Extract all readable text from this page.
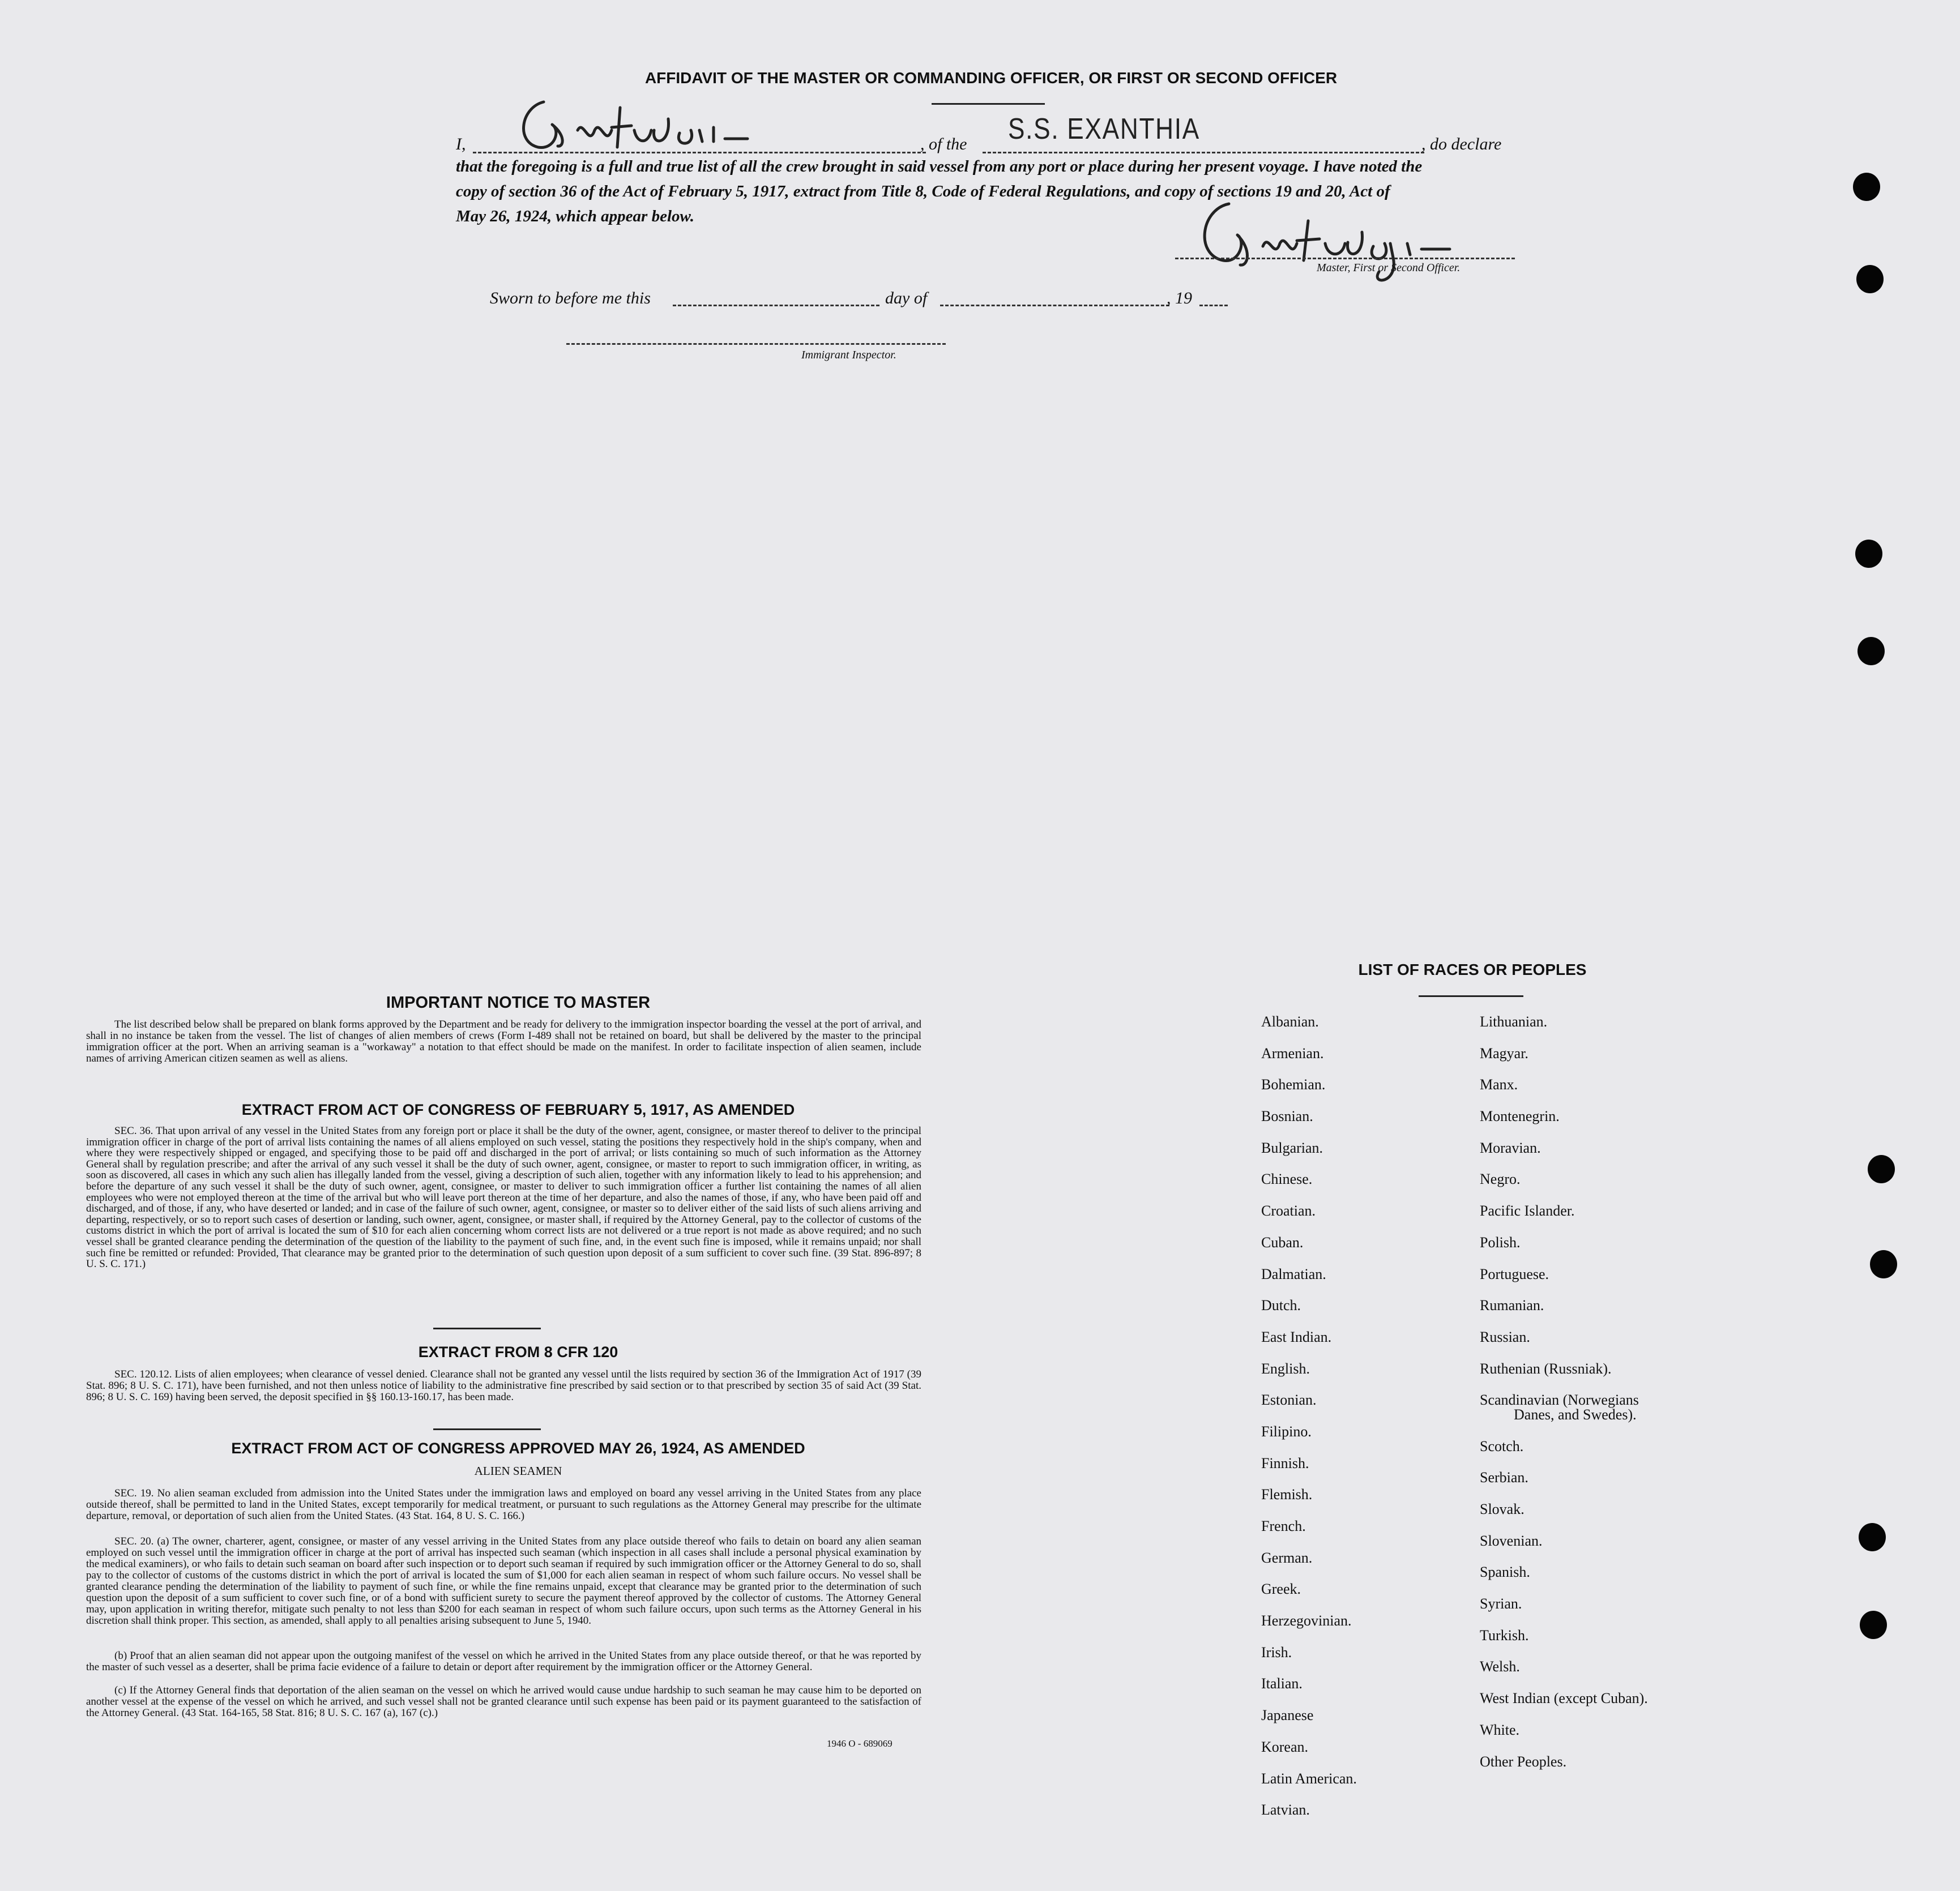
AFFIDAVIT OF THE MASTER OR COMMANDING OFFICER, OR FIRST OR SECOND OFFICER
I,	, of the S.S. EXANTHIA	, do declare
that the foregoing is a full and true list of all the crew brought in said vessel from any port or place during her present voyage. I have noted the
copy of section 36 of the Act of February 5, 1917, extract from Title 8, Code of Federal Regulations, and copy of sections 19 and 20, Act of
May 26, 1924, which appear below.
Master, First or Second Officer.
Sworn to before me this	day of	, 19
Immigrant Inspector.
IMPORTANT NOTICE TO MASTER
The list described below shall be prepared on blank forms approved by the Department and be ready for delivery to the immigration inspector boarding the vessel at the port of arrival, and shall in no instance be taken from the vessel. The list of changes of alien members of crews (Form I-489 shall not be retained on board, but shall be delivered by the master to the principal immigration officer at the port. When an arriving seaman is a "workaway" a notation to that effect should be made on the manifest. In order to facilitate inspection of alien seamen, include names of arriving American citizen seamen as well as aliens.
EXTRACT FROM ACT OF CONGRESS OF FEBRUARY 5, 1917, AS AMENDED
SEC. 36. That upon arrival of any vessel in the United States from any foreign port or place it shall be the duty of the owner, agent, consignee, or master thereof to deliver to the principal immigration officer in charge of the port of arrival lists containing the names of all aliens employed on such vessel, stating the positions they respectively hold in the ship's company, when and where they were respectively shipped or engaged, and specifying those to be paid off and discharged in the port of arrival; or lists containing so much of such information as the Attorney General shall by regulation prescribe; and after the arrival of any such vessel it shall be the duty of such owner, agent, consignee, or master to report to such immigration officer, in writing, as soon as discovered, all cases in which any such alien has illegally landed from the vessel, giving a description of such alien, together with any information likely to lead to his apprehension; and before the departure of any such vessel it shall be the duty of such owner, agent, consignee, or master to deliver to such immigration officer a further list containing the names of all alien employees who were not employed thereon at the time of the arrival but who will leave port thereon at the time of her departure, and also the names of those, if any, who have been paid off and discharged, and of those, if any, who have deserted or landed; and in case of the failure of such owner, agent, consignee, or master so to deliver either of the said lists of such aliens arriving and departing, respectively, or so to report such cases of desertion or landing, such owner, agent, consignee, or master shall, if required by the Attorney General, pay to the collector of customs of the customs district in which the port of arrival is located the sum of $10 for each alien concerning whom correct lists are not delivered or a true report is not made as above required; and no such vessel shall be granted clearance pending the determination of the question of the liability to the payment of such fine, and, in the event such fine is imposed, while it remains unpaid; nor shall such fine be remitted or refunded: Provided, That clearance may be granted prior to the determination of such question upon deposit of a sum sufficient to cover such fine. (39 Stat. 896-897; 8 U. S. C. 171.)
EXTRACT FROM 8 CFR 120
SEC. 120.12. Lists of alien employees; when clearance of vessel denied. Clearance shall not be granted any vessel until the lists required by section 36 of the Immigration Act of 1917 (39 Stat. 896; 8 U. S. C. 171), have been furnished, and not then unless notice of liability to the administrative fine prescribed by said section or to that prescribed by section 35 of said Act (39 Stat. 896; 8 U. S. C. 169) having been served, the deposit specified in §§ 160.13-160.17, has been made.
EXTRACT FROM ACT OF CONGRESS APPROVED MAY 26, 1924, AS AMENDED
ALIEN SEAMEN
SEC. 19. No alien seaman excluded from admission into the United States under the immigration laws and employed on board any vessel arriving in the United States from any place outside thereof, shall be permitted to land in the United States, except temporarily for medical treatment, or pursuant to such regulations as the Attorney General may prescribe for the ultimate departure, removal, or deportation of such alien from the United States. (43 Stat. 164, 8 U. S. C. 166.)
SEC. 20. (a) The owner, charterer, agent, consignee, or master of any vessel arriving in the United States from any place outside thereof who fails to detain on board any alien seaman employed on such vessel until the immigration officer in charge at the port of arrival has inspected such seaman (which inspection in all cases shall include a personal physical examination by the medical examiners), or who fails to detain such seaman on board after such inspection or to deport such seaman if required by such immigration officer or the Attorney General to do so, shall pay to the collector of customs of the customs district in which the port of arrival is located the sum of $1,000 for each alien seaman in respect of whom such failure occurs. No vessel shall be granted clearance pending the determination of the liability to payment of such fine, or while the fine remains unpaid, except that clearance may be granted prior to the determination of such question upon the deposit of a sum sufficient to cover such fine, or of a bond with sufficient surety to secure the payment thereof approved by the collector of customs. The Attorney General may, upon application in writing therefor, mitigate such penalty to not less than $200 for each seaman in respect of whom such failure occurs, upon such terms as the Attorney General in his discretion shall think proper. This section, as amended, shall apply to all penalties arising subsequent to June 5, 1940.
(b) Proof that an alien seaman did not appear upon the outgoing manifest of the vessel on which he arrived in the United States from any place outside thereof, or that he was reported by the master of such vessel as a deserter, shall be prima facie evidence of a failure to detain or deport after requirement by the immigration officer or the Attorney General.
(c) If the Attorney General finds that deportation of the alien seaman on the vessel on which he arrived would cause undue hardship to such seaman he may cause him to be deported on another vessel at the expense of the vessel on which he arrived, and such vessel shall not be granted clearance until such expense has been paid or its payment guaranteed to the satisfaction of the Attorney General. (43 Stat. 164-165, 58 Stat. 816; 8 U. S. C. 167 (a), 167 (c).)
1946 O - 689069
LIST OF RACES OR PEOPLES
Albanian.
Armenian.
Bohemian.
Bosnian.
Bulgarian.
Chinese.
Croatian.
Cuban.
Dalmatian.
Dutch.
East Indian.
English.
Estonian.
Filipino.
Finnish.
Flemish.
French.
German.
Greek.
Herzegovinian.
Irish.
Italian.
Japanese
Korean.
Latin American.
Latvian.
Lithuanian.
Magyar.
Manx.
Montenegrin.
Moravian.
Negro.
Pacific Islander.
Polish.
Portuguese.
Rumanian.
Russian.
Ruthenian (Russniak).
Scandinavian (Norwegians
Danes, and Swedes).
Scotch.
Serbian.
Slovak.
Slovenian.
Spanish.
Syrian.
Turkish.
Welsh.
West Indian (except Cuban).
White.
Other Peoples.
